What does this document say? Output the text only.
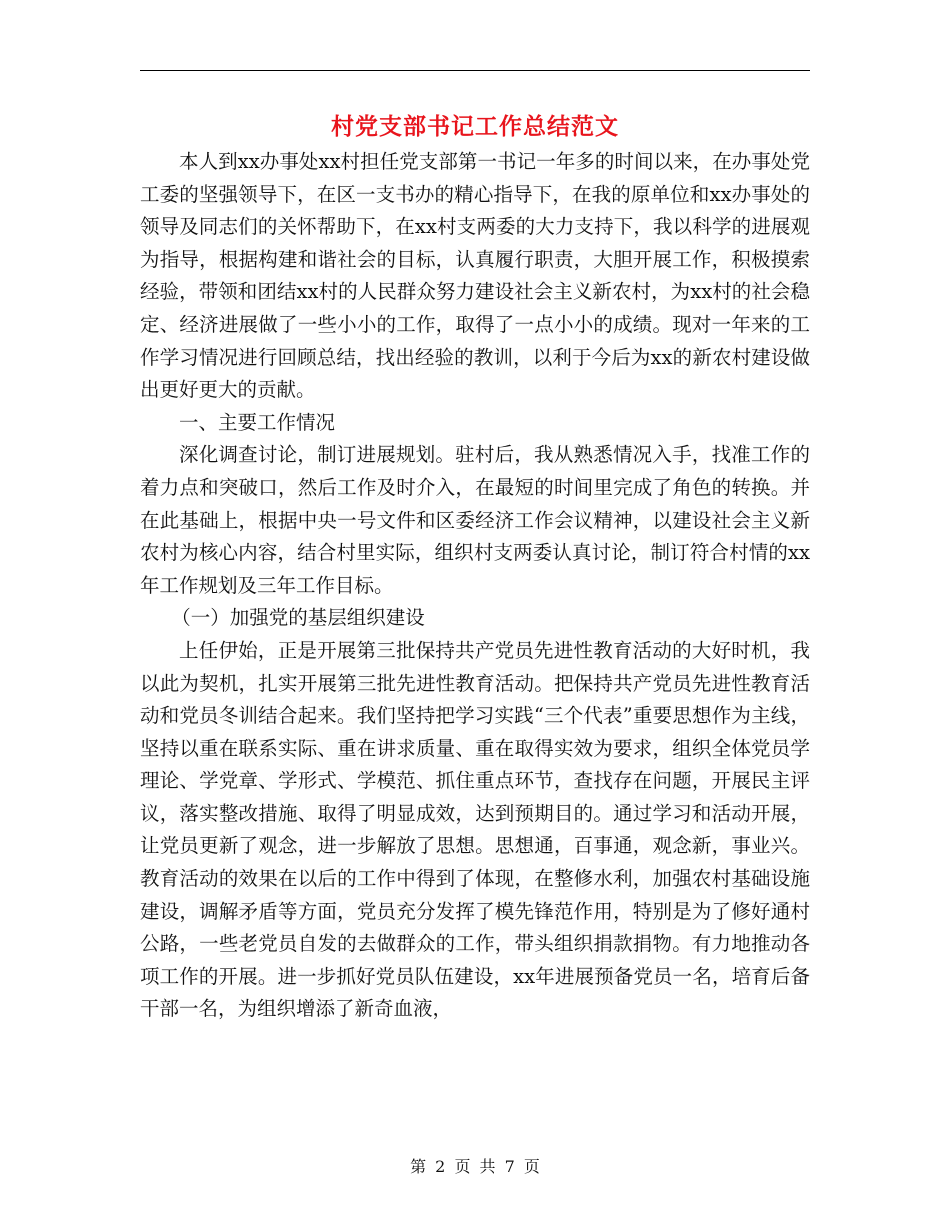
村党支部书记工作总结范文

本人到xx办事处xx村担任党支部第一书记一年多的时间以来，在办事处党工委的坚强领导下，在区一支书办的精心指导下，在我的原单位和xx办事处的领导及同志们的关怀帮助下，在xx村支两委的大力支持下，我以科学的进展观为指导，根据构建和谐社会的目标，认真履行职责，大胆开展工作，积极摸索经验，带领和团结xx村的人民群众努力建设社会主义新农村，为xx村的社会稳定、经济进展做了一些小小的工作，取得了一点小小的成绩。现对一年来的工作学习情况进行回顾总结，找出经验的教训，以利于今后为xx的新农村建设做出更好更大的贡献。

一、主要工作情况

深化调查讨论，制订进展规划。驻村后，我从熟悉情况入手，找准工作的着力点和突破口，然后工作及时介入，在最短的时间里完成了角色的转换。并在此基础上，根据中央一号文件和区委经济工作会议精神，以建设社会主义新农村为核心内容，结合村里实际，组织村支两委认真讨论，制订符合村情的xx年工作规划及三年工作目标。

（一）加强党的基层组织建设

上任伊始，正是开展第三批保持共产党员先进性教育活动的大好时机，我以此为契机，扎实开展第三批先进性教育活动。把保持共产党员先进性教育活动和党员冬训结合起来。我们坚持把学习实践“三个代表”重要思想作为主线，坚持以重在联系实际、重在讲求质量、重在取得实效为要求，组织全体党员学理论、学党章、学形式、学模范、抓住重点环节，查找存在问题，开展民主评议，落实整改措施、取得了明显成效，达到预期目的。通过学习和活动开展，让党员更新了观念，进一步解放了思想。思想通，百事通，观念新，事业兴。教育活动的效果在以后的工作中得到了体现，在整修水利，加强农村基础设施建设，调解矛盾等方面，党员充分发挥了模先锋范作用，特别是为了修好通村公路，一些老党员自发的去做群众的工作，带头组织捐款捐物。有力地推动各项工作的开展。进一步抓好党员队伍建设，xx年进展预备党员一名，培育后备干部一名，为组织增添了新奇血液，

第 2 页 共 7 页
